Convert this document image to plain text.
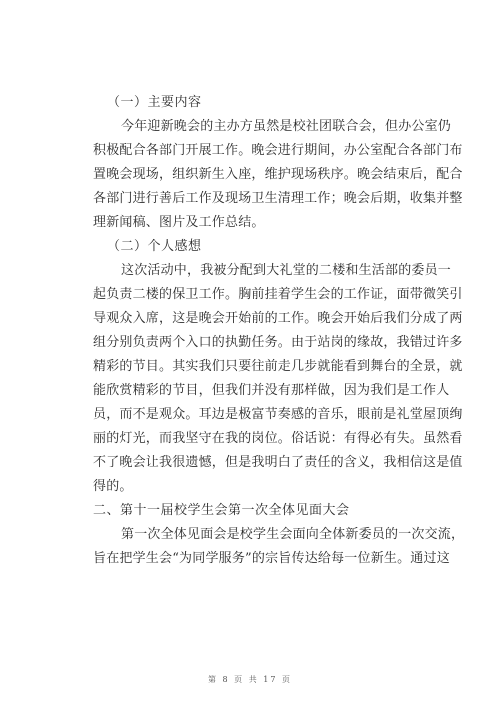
（一）主要内容

今年迎新晚会的主办方虽然是校社团联合会，但办公室仍
积极配合各部门开展工作。晚会进行期间，办公室配合各部门布
置晚会现场，组织新生入座，维护现场秩序。晚会结束后，配合
各部门进行善后工作及现场卫生清理工作；晚会后期，收集并整
理新闻稿、图片及工作总结。

（二）个人感想

这次活动中，我被分配到大礼堂的二楼和生活部的委员一
起负责二楼的保卫工作。胸前挂着学生会的工作证，面带微笑引
导观众入席，这是晚会开始前的工作。晚会开始后我们分成了两
组分别负责两个入口的执勤任务。由于站岗的缘故，我错过许多
精彩的节目。其实我们只要往前走几步就能看到舞台的全景，就
能欣赏精彩的节目，但我们并没有那样做，因为我们是工作人
员，而不是观众。耳边是极富节奏感的音乐，眼前是礼堂屋顶绚
丽的灯光，而我坚守在我的岗位。俗话说：有得必有失。虽然看
不了晚会让我很遗憾，但是我明白了责任的含义，我相信这是值
得的。

二、第十一届校学生会第一次全体见面大会

第一次全体见面会是校学生会面向全体新委员的一次交流，
旨在把学生会“为同学服务”的宗旨传达给每一位新生。通过这
第 8 页 共 17 页
